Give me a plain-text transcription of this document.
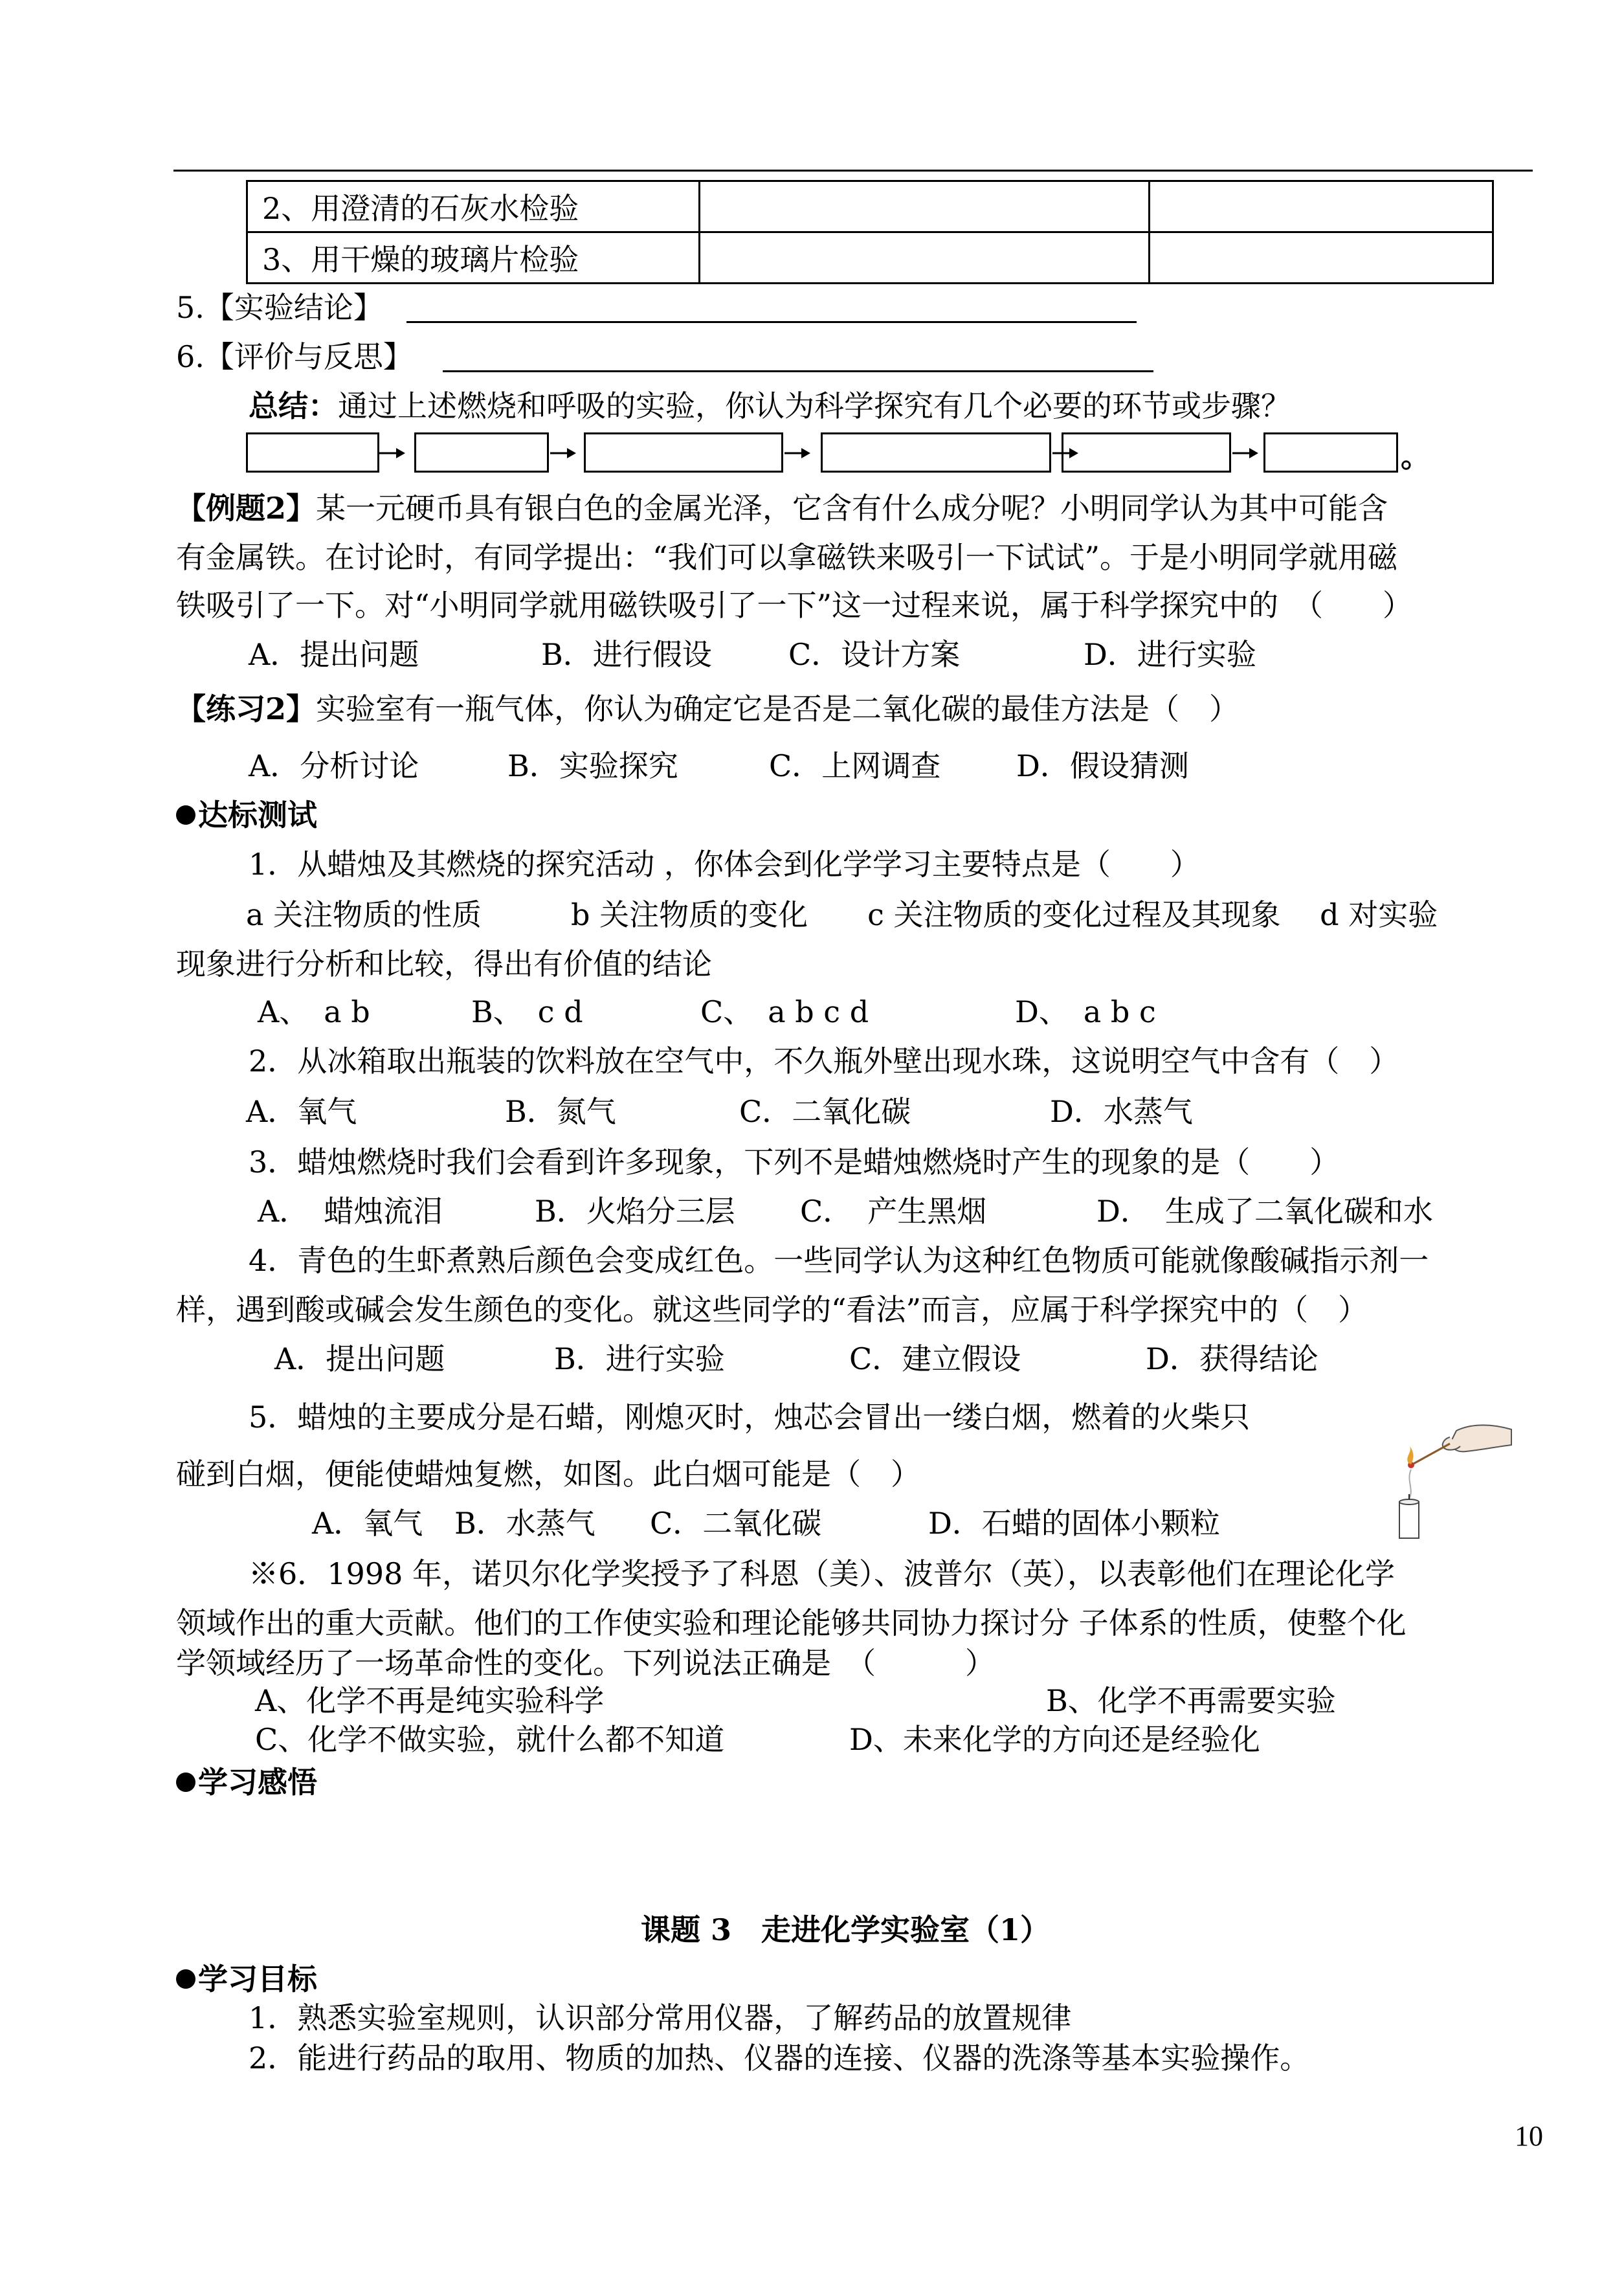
2、用澄清的石灰水检验		
3、用干燥的玻璃片检验		
5.【实验结论】
6.【评价与反思】
总结：通过上述燃烧和呼吸的实验，你认为科学探究有几个必要的环节或步骤？
。
【例题2】某一元硬币具有银白色的金属光泽，它含有什么成分呢？小明同学认为其中可能含
有金属铁。在讨论时，有同学提出：“我们可以拿磁铁来吸引一下试试”。于是小明同学就用磁
铁吸引了一下。对“小明同学就用磁铁吸引了一下”这一过程来说，属于科学探究中的　（　　）
A．提出问题	B．进行假设	C．设计方案	D．进行实验
【练习2】实验室有一瓶气体，你认为确定它是否是二氧化碳的最佳方法是（　）
A．分析讨论	B．实验探究	C．上网调查	D．假设猜测
达标测试
1．从蜡烛及其燃烧的探究活动 ，你体会到化学学习主要特点是（　　）
a 关注物质的性质　　　b 关注物质的变化　　c 关注物质的变化过程及其现象　 d 对实验
现象进行分析和比较，得出有价值的结论
A、　a b	B、　c d	C、　a b c d	D、　a b c
2．从冰箱取出瓶装的饮料放在空气中，不久瓶外壁出现水珠，这说明空气中含有（　）
A．氧气	B．氮气	C．二氧化碳	D．水蒸气
3．蜡烛燃烧时我们会看到许多现象，下列不是蜡烛燃烧时产生的现象的是（　　）
A．　蜡烛流泪	B．火焰分三层 C．　产生黑烟	D．　生成了二氧化碳和水
4．青色的生虾煮熟后颜色会变成红色。一些同学认为这种红色物质可能就像酸碱指示剂一
样，遇到酸或碱会发生颜色的变化。就这些同学的“看法”而言，应属于科学探究中的（　）
A．提出问题	B．进行实验	C．建立假设	D．获得结论
5．蜡烛的主要成分是石蜡，刚熄灭时，烛芯会冒出一缕白烟，燃着的火柴只
碰到白烟，便能使蜡烛复燃，如图。此白烟可能是（　）
A．氧气 B．水蒸气 C．二氧化碳	D．石蜡的固体小颗粒
※6．1998 年，诺贝尔化学奖授予了科恩（美）、波普尔（英），以表彰他们在理论化学
领域作出的重大贡献。他们的工作使实验和理论能够共同协力探讨分 子体系的性质，使整个化
学领域经历了一场革命性的变化。下列说法正确是　（　　　）
A、化学不再是纯实验科学	B、化学不再需要实验
C、化学不做实验，就什么都不知道	D、未来化学的方向还是经验化
学习感悟
课题 3　走进化学实验室（1）
学习目标
1．熟悉实验室规则，认识部分常用仪器，了解药品的放置规律
2．能进行药品的取用、物质的加热、仪器的连接、仪器的洗涤等基本实验操作。
10
